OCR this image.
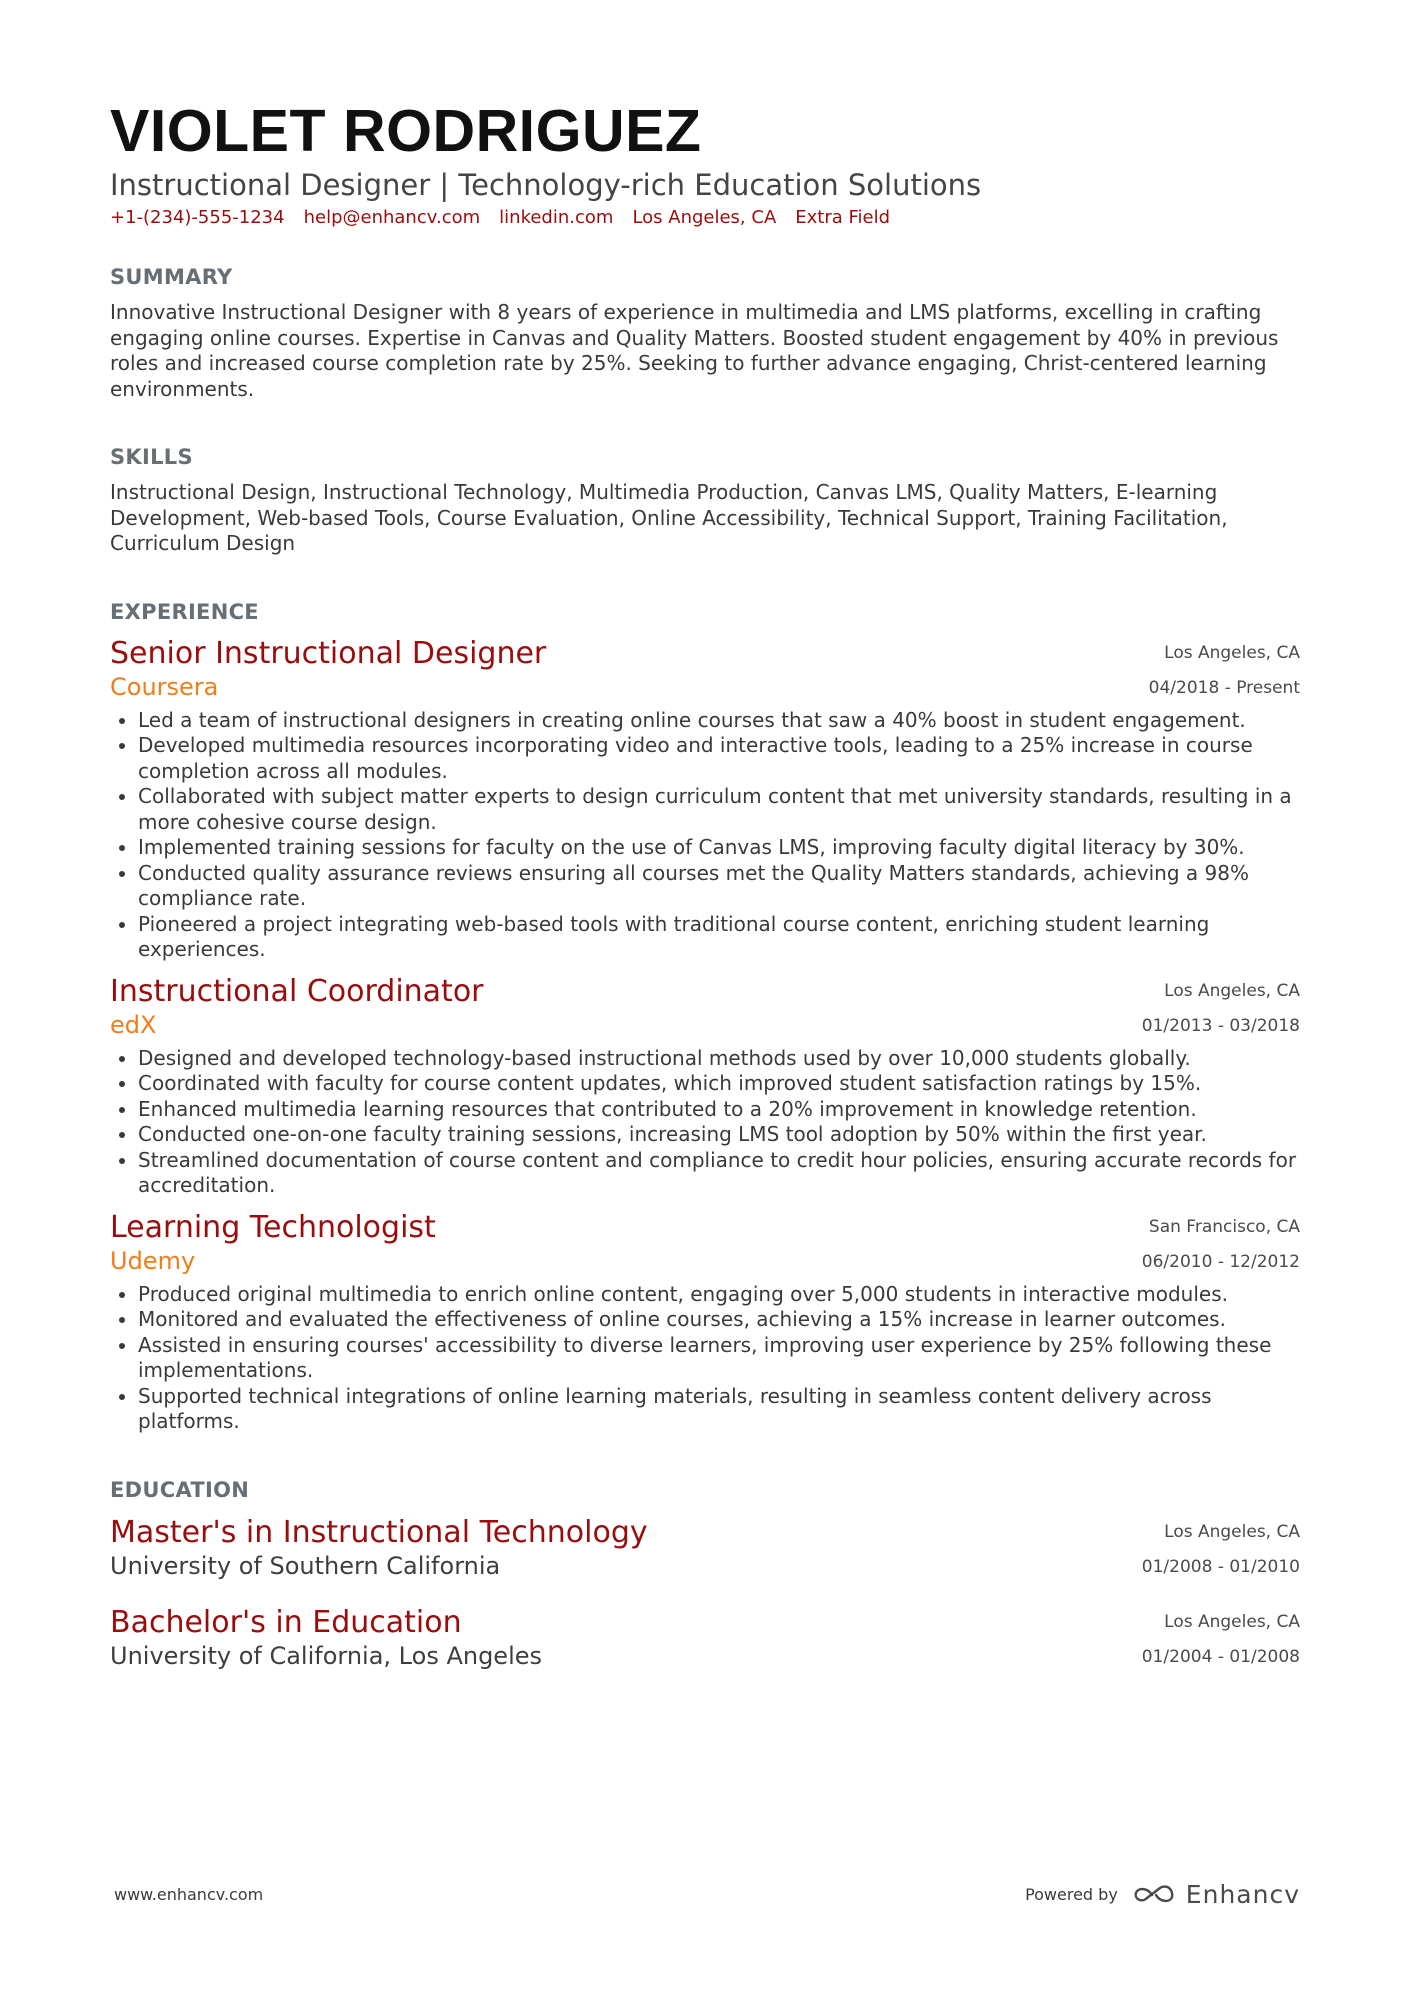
VIOLET RODRIGUEZ
Instructional Designer | Technology-rich Education Solutions
+1-(234)-555-1234 help@enhancv.com linkedin.com Los Angeles, CA Extra Field
SUMMARY

Innovative Instructional Designer with 8 years of experience in multimedia and LMS platforms, excelling in crafting engaging online courses. Expertise in Canvas and Quality Matters. Boosted student engagement by 40% in previous roles and increased course completion rate by 25%. Seeking to further advance engaging, Christ-centered learning environments.

SKILLS

Instructional Design, Instructional Technology, Multimedia Production, Canvas LMS, Quality Matters, E-learning Development, Web-based Tools, Course Evaluation, Online Accessibility, Technical Support, Training Facilitation, Curriculum Design

EXPERIENCE
Senior Instructional Designer
Coursera
Los Angeles, CA
04/2018 - Present
Led a team of instructional designers in creating online courses that saw a 40% boost in student engagement.
Developed multimedia resources incorporating video and interactive tools, leading to a 25% increase in course completion across all modules.
Collaborated with subject matter experts to design curriculum content that met university standards, resulting in a more cohesive course design.
Implemented training sessions for faculty on the use of Canvas LMS, improving faculty digital literacy by 30%.
Conducted quality assurance reviews ensuring all courses met the Quality Matters standards, achieving a 98% compliance rate.
Pioneered a project integrating web-based tools with traditional course content, enriching student learning experiences.
Instructional Coordinator
edX
Los Angeles, CA
01/2013 - 03/2018
Designed and developed technology-based instructional methods used by over 10,000 students globally.
Coordinated with faculty for course content updates, which improved student satisfaction ratings by 15%.
Enhanced multimedia learning resources that contributed to a 20% improvement in knowledge retention.
Conducted one-on-one faculty training sessions, increasing LMS tool adoption by 50% within the first year.
Streamlined documentation of course content and compliance to credit hour policies, ensuring accurate records for accreditation.
Learning Technologist
Udemy
San Francisco, CA
06/2010 - 12/2012
Produced original multimedia to enrich online content, engaging over 5,000 students in interactive modules.
Monitored and evaluated the effectiveness of online courses, achieving a 15% increase in learner outcomes.
Assisted in ensuring courses' accessibility to diverse learners, improving user experience by 25% following these implementations.
Supported technical integrations of online learning materials, resulting in seamless content delivery across platforms.
EDUCATION
Master's in Instructional Technology
University of Southern California
Los Angeles, CA
01/2008 - 01/2010
Bachelor's in Education
University of California, Los Angeles
Los Angeles, CA
01/2004 - 01/2008
www.enhancv.com	Powered by	Enhancv
